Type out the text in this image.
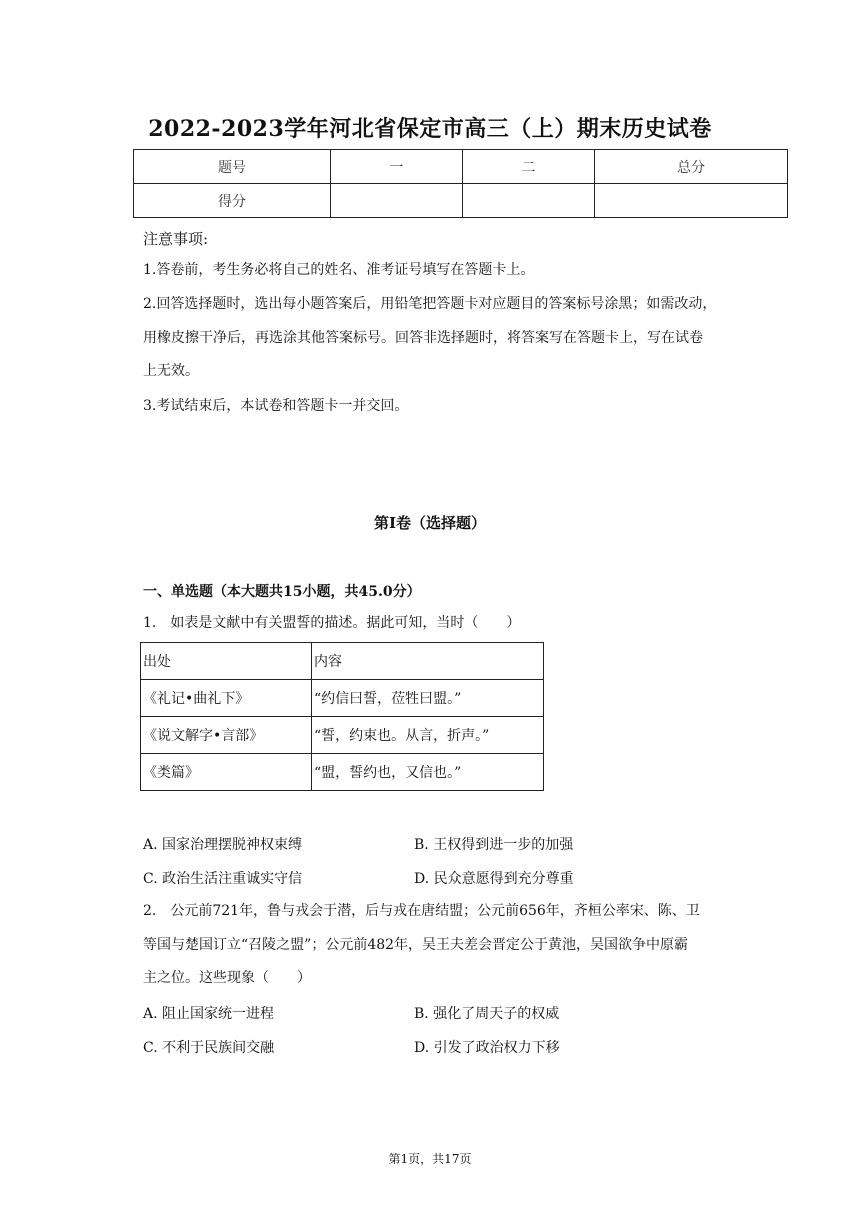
2022-2023学年河北省保定市高三（上）期末历史试卷
题号	一	二	总分
得分			
注意事项:
1.答卷前，考生务必将自己的姓名、准考证号填写在答题卡上。
2.回答选择题时，选出每小题答案后，用铅笔把答题卡对应题目的答案标号涂黑；如需改动，
用橡皮擦干净后，再选涂其他答案标号。回答非选择题时，将答案写在答题卡上，写在试卷
上无效。
3.考试结束后，本试卷和答题卡一并交回。
第Ⅰ卷（选择题）
一、单选题（本大题共15小题，共45.0分）
1.　如表是文献中有关盟誓的描述。据此可知，当时（　　）
出处	内容
《礼记•曲礼下》	“约信曰誓，莅牲曰盟。”
《说文解字•言部》	“誓，约束也。从言，折声。”
《类篇》	“盟，誓约也，又信也。”
A. 国家治理摆脱神权束缚	B. 王权得到进一步的加强
C. 政治生活注重诚实守信	D. 民众意愿得到充分尊重
2.　公元前721年，鲁与戎会于潜，后与戎在唐结盟；公元前656年，齐桓公率宋、陈、卫
等国与楚国订立“召陵之盟”；公元前482年，吴王夫差会晋定公于黄池，吴国欲争中原霸
主之位。这些现象（　　）
A. 阻止国家统一进程	B. 强化了周天子的权威
C. 不利于民族间交融	D. 引发了政治权力下移
第1页，共17页
